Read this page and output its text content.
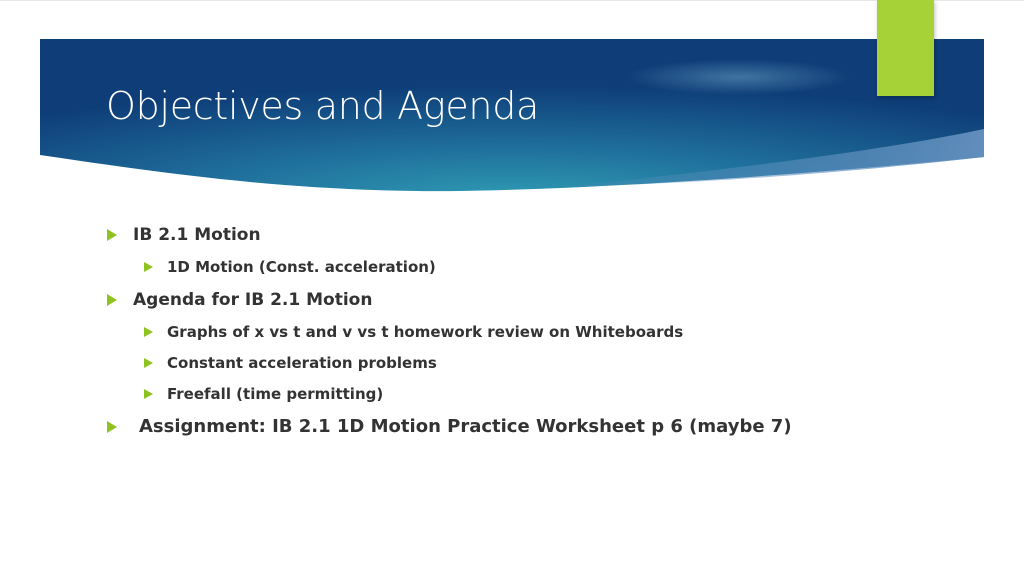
Objectives and Agenda
IB 2.1 Motion
1D Motion (Const. acceleration)
Agenda for IB 2.1 Motion
Graphs of x vs t and v vs t homework review on Whiteboards
Constant acceleration problems
Freefall (time permitting)
Assignment: IB 2.1 1D Motion Practice Worksheet p 6 (maybe 7)
